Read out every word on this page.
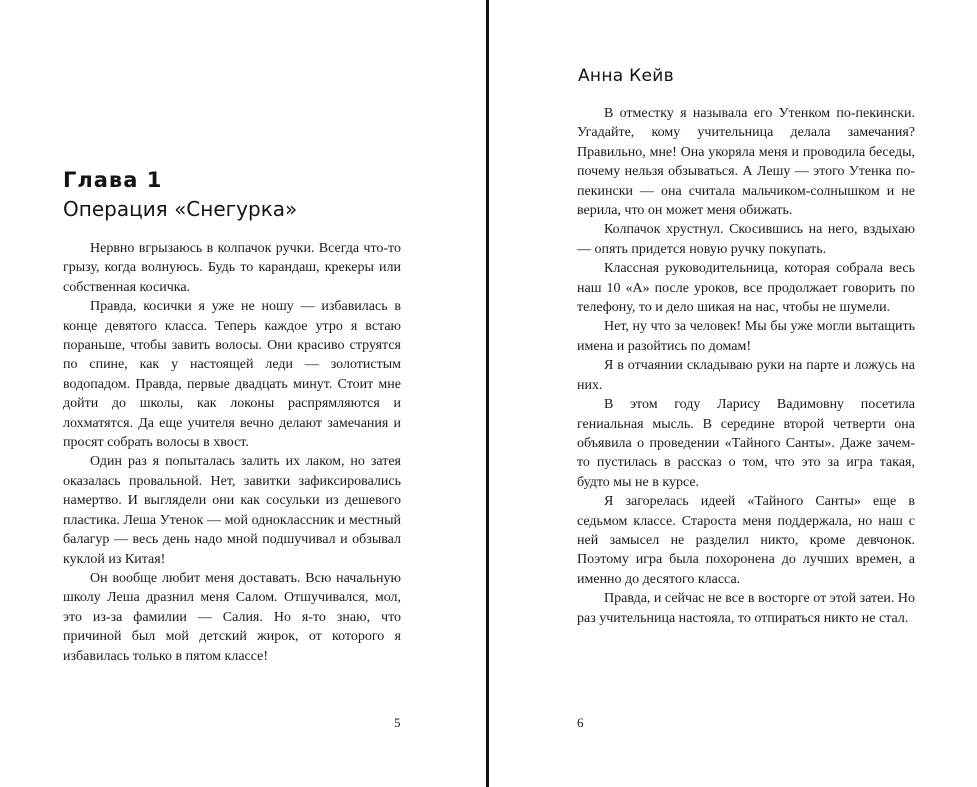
Глава 1
Операция «Снегурка»

Нервно вгрызаюсь в колпачок ручки. Всегда что-то грызу, когда волнуюсь. Будь то карандаш, крекеры или собственная косичка.

Правда, косички я уже не ношу — избавилась в конце девятого класса. Теперь каждое утро я встаю пораньше, чтобы завить волосы. Они красиво струятся по спине, как у настоящей леди — золотистым водопадом. Правда, первые двадцать минут. Стоит мне дойти до школы, как локоны распрямляются и лохматятся. Да еще учителя вечно делают замечания и просят собрать волосы в хвост.

Один раз я попыталась залить их лаком, но затея оказалась провальной. Нет, завитки зафиксировались намертво. И выглядели они как сосульки из дешевого пластика. Леша Утенок — мой одноклассник и местный балагур — весь день надо мной подшучивал и обзывал куклой из Китая!

Он вообще любит меня доставать. Всю начальную школу Леша дразнил меня Салом. Отшучивался, мол, это из-за фамилии — Салия. Но я-то знаю, что причиной был мой детский жирок, от которого я избавилась только в пятом классе!

5
Анна Кейв

В отместку я называла его Утенком по-пекински. Угадайте, кому учительница делала замечания? Правильно, мне! Она укоряла меня и проводила беседы, почему нельзя обзываться. А Лешу — этого Утенка по-пекински — она считала мальчиком-солнышком и не верила, что он может меня обижать.

Колпачок хрустнул. Скосившись на него, вздыхаю — опять придется новую ручку покупать.

Классная руководительница, которая собрала весь наш 10 «А» после уроков, все продолжает говорить по телефону, то и дело шикая на нас, чтобы не шумели.

Нет, ну что за человек! Мы бы уже могли вытащить имена и разойтись по домам!

Я в отчаянии складываю руки на парте и ложусь на них.

В этом году Ларису Вадимовну посетила гениальная мысль. В середине второй четверти она объявила о проведении «Тайного Санты». Даже зачем-то пустилась в рассказ о том, что это за игра такая, будто мы не в курсе.

Я загорелась идеей «Тайного Санты» еще в седьмом классе. Староста меня поддержала, но наш с ней замысел не разделил никто, кроме девчонок. Поэтому игра была похоронена до лучших времен, а именно до десятого класса.

Правда, и сейчас не все в восторге от этой затеи. Но раз учительница настояла, то отпираться никто не стал.

6
